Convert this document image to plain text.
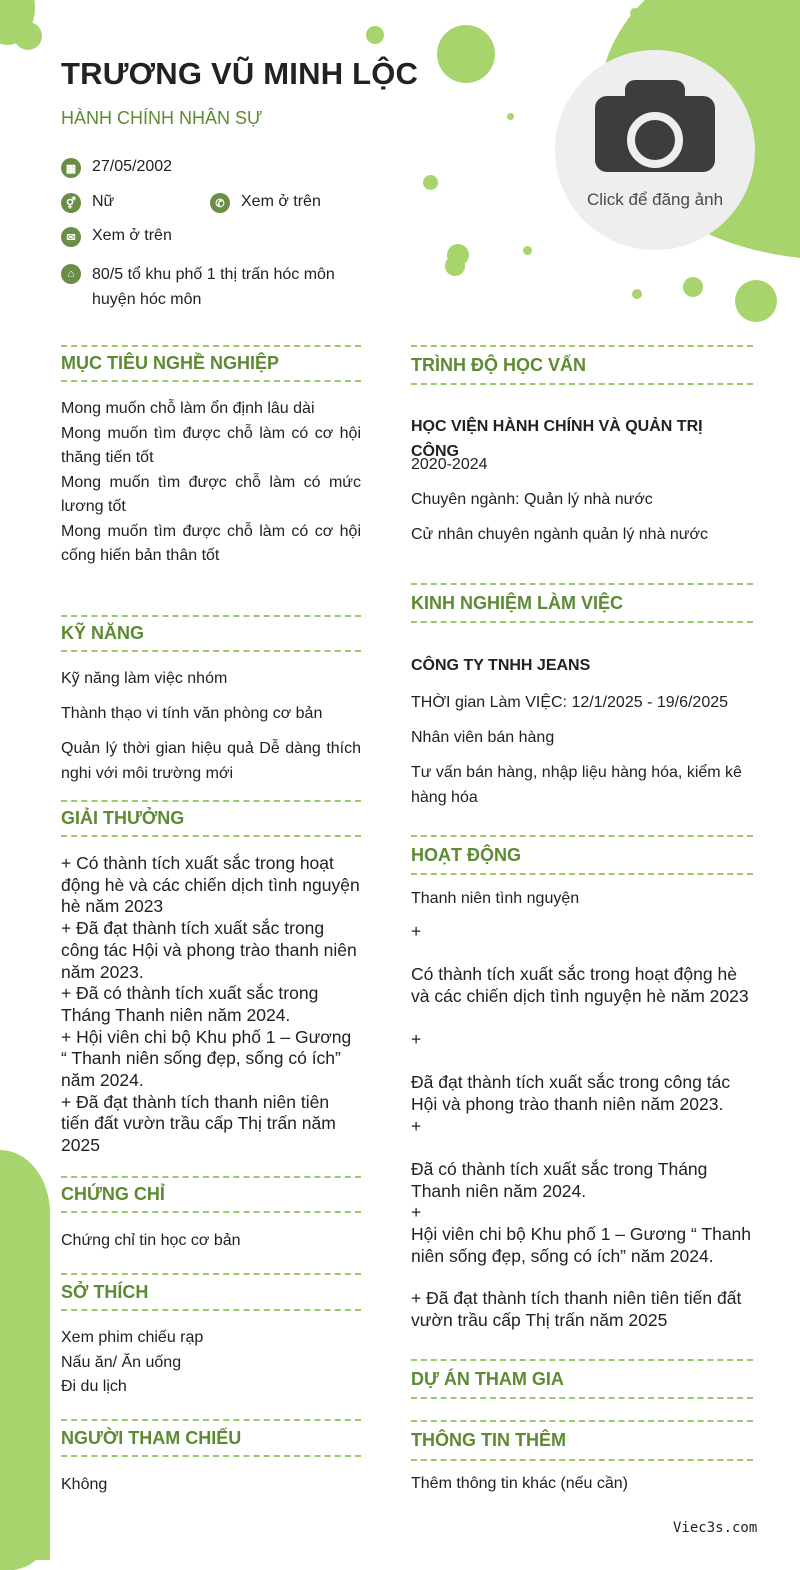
TRƯƠNG VŨ MINH LỘC
HÀNH CHÍNH NHÂN SỰ
▦ 27/05/2002
⚥	Nữ	✆	Xem ở trên
✉	Xem ở trên
⌂	80/5 tổ khu phố 1 thị trấn hóc môn huyện hóc môn
Click để đăng ảnh
MỤC TIÊU NGHỀ NGHIỆP
Mong muốn chỗ làm ổn định lâu dài
Mong muốn tìm được chỗ làm có cơ hội thăng tiến tốt
Mong muốn tìm được chỗ làm có mức lương tốt
Mong muốn tìm được chỗ làm có cơ hội cống hiến bản thân tốt
KỸ NĂNG
Kỹ năng làm việc nhóm
Thành thạo vi tính văn phòng cơ bản
Quản lý thời gian hiệu quả Dễ dàng thích nghi với môi trường mới
GIẢI THƯỞNG
+ Có thành tích xuất sắc trong hoạt động hè và các chiến dịch tình nguyện hè năm 2023
+ Đã đạt thành tích xuất sắc trong công tác Hội và phong trào thanh niên năm 2023.
+ Đã có thành tích xuất sắc trong Tháng Thanh niên năm 2024.
+ Hội viên chi bộ Khu phố 1 – Gương “ Thanh niên sống đẹp, sống có ích” năm 2024.
+ Đã đạt thành tích thanh niên tiên tiến đất vườn trầu cấp Thị trấn năm 2025
CHỨNG CHỈ
Chứng chỉ tin học cơ bản
SỞ THÍCH
Xem phim chiếu rạp
Nấu ăn/ Ăn uống
Đi du lịch
NGƯỜI THAM CHIẾU
Không
TRÌNH ĐỘ HỌC VẤN
HỌC VIỆN HÀNH CHÍNH VÀ QUẢN TRỊ CÔNG
2020-2024
Chuyên ngành: Quản lý nhà nước
Cử nhân chuyên ngành quản lý nhà nước
KINH NGHIỆM LÀM VIỆC
CÔNG TY TNHH JEANS
THỜI gian Làm VIỆC: 12/1/2025 - 19/6/2025
Nhân viên bán hàng
Tư vấn bán hàng, nhập liệu hàng hóa, kiểm kê hàng hóa
HOẠT ĐỘNG
Thanh niên tình nguyện
+
Có thành tích xuất sắc trong hoạt động hè và các chiến dịch tình nguyện hè năm 2023
+
Đã đạt thành tích xuất sắc trong công tác Hội và phong trào thanh niên năm 2023.
+
Đã có thành tích xuất sắc trong Tháng Thanh niên năm 2024.
+
Hội viên chi bộ Khu phố 1 – Gương “ Thanh niên sống đẹp, sống có ích” năm 2024.
+ Đã đạt thành tích thanh niên tiên tiến đất vườn trầu cấp Thị trấn năm 2025
DỰ ÁN THAM GIA
THÔNG TIN THÊM
Thêm thông tin khác (nếu cần)
Viec3s.com
